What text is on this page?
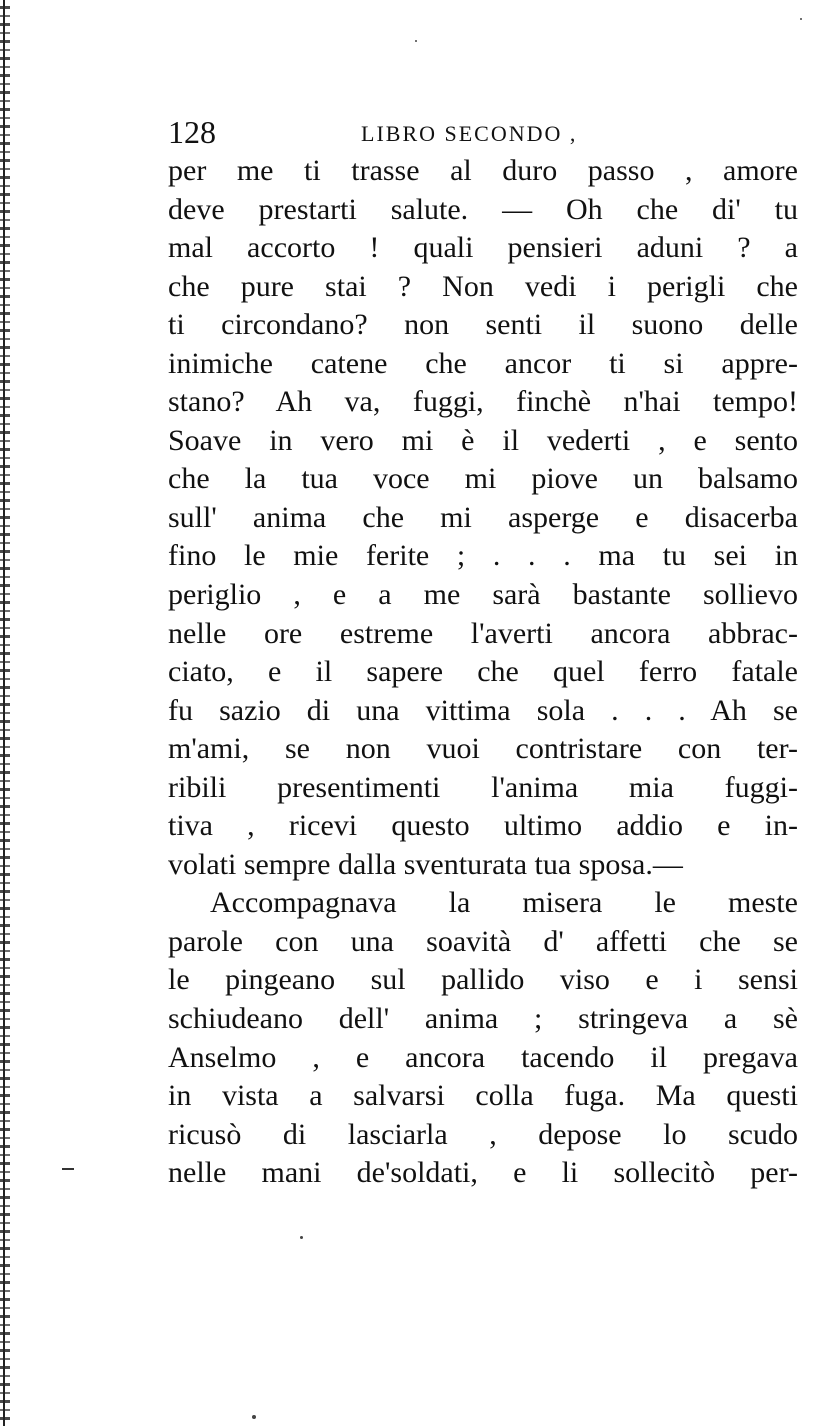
128	LIBRO SECONDO ,
per me ti trasse al duro passo , amore
deve prestarti salute. — Oh che di' tu
mal accorto ! quali pensieri aduni ? a
che pure stai ? Non vedi i perigli che
ti circondano? non senti il suono delle
inimiche catene che ancor ti si appre-
stano? Ah va, fuggi, finchè n'hai tempo!
Soave in vero mi è il vederti , e sento
che la tua voce mi piove un balsamo
sull' anima che mi asperge e disacerba
fino le mie ferite ; . . . ma tu sei in
periglio , e a me sarà bastante sollievo
nelle ore estreme l'averti ancora abbrac-
ciato, e il sapere che quel ferro fatale
fu sazio di una vittima sola . . . Ah se
m'ami, se non vuoi contristare con ter-
ribili presentimenti l'anima mia fuggi-
tiva , ricevi questo ultimo addio e in-
volati sempre dalla sventurata tua sposa.—
Accompagnava la misera le meste
parole con una soavità d' affetti che se
le pingeano sul pallido viso e i sensi
schiudeano dell' anima ; stringeva a sè
Anselmo , e ancora tacendo il pregava
in vista a salvarsi colla fuga. Ma questi
ricusò di lasciarla , depose lo scudo
nelle mani de'soldati, e li sollecitò per-
